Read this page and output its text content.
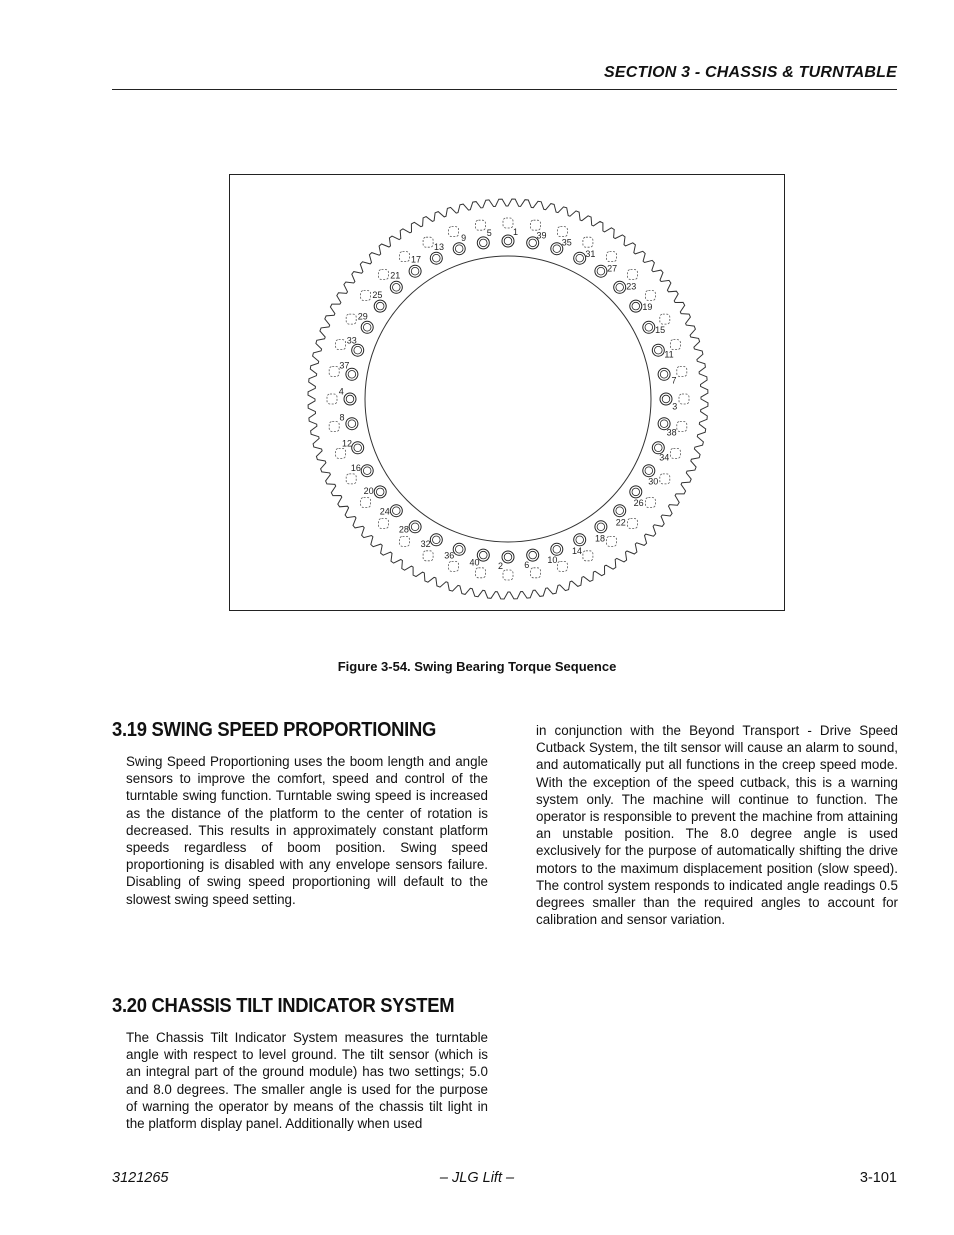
SECTION 3 - CHASSIS & TURNTABLE
1 39
35
31
27
23
19
15
11
7
3
38
34
30
26
22
18
14
10
6
2
40
36
32
28
24
20
16
12
8
4
37
33
29
25
21
17
13
9 5
Figure 3-54. Swing Bearing Torque Sequence
3.19 SWING SPEED PROPORTIONING

Swing Speed Proportioning uses the boom length and angle sensors to improve the comfort, speed and control of the turntable swing function. Turntable swing speed is increased as the distance of the platform to the center of rotation is decreased. This results in approximately constant platform speeds regardless of boom position. Swing speed proportioning is disabled with any envelope sensors failure. Disabling of swing speed proportioning will default to the slowest swing speed setting.

3.20 CHASSIS TILT INDICATOR SYSTEM

The Chassis Tilt Indicator System measures the turntable angle with respect to level ground. The tilt sensor (which is an integral part of the ground module) has two settings; 5.0 and 8.0 degrees. The smaller angle is used for the purpose of warning the operator by means of the chassis tilt light in the platform display panel. Additionally when used

in conjunction with the Beyond Transport - Drive Speed Cutback System, the tilt sensor will cause an alarm to sound, and automatically put all functions in the creep speed mode. With the exception of the speed cutback, this is a warning system only. The machine will continue to function. The operator is responsible to prevent the machine from attaining an unstable position. The 8.0 degree angle is used exclusively for the purpose of automatically shifting the drive motors to the maximum displacement position (slow speed). The control system responds to indicated angle readings 0.5 degrees smaller than the required angles to account for calibration and sensor variation.

3121265	– JLG Lift –	3-101
